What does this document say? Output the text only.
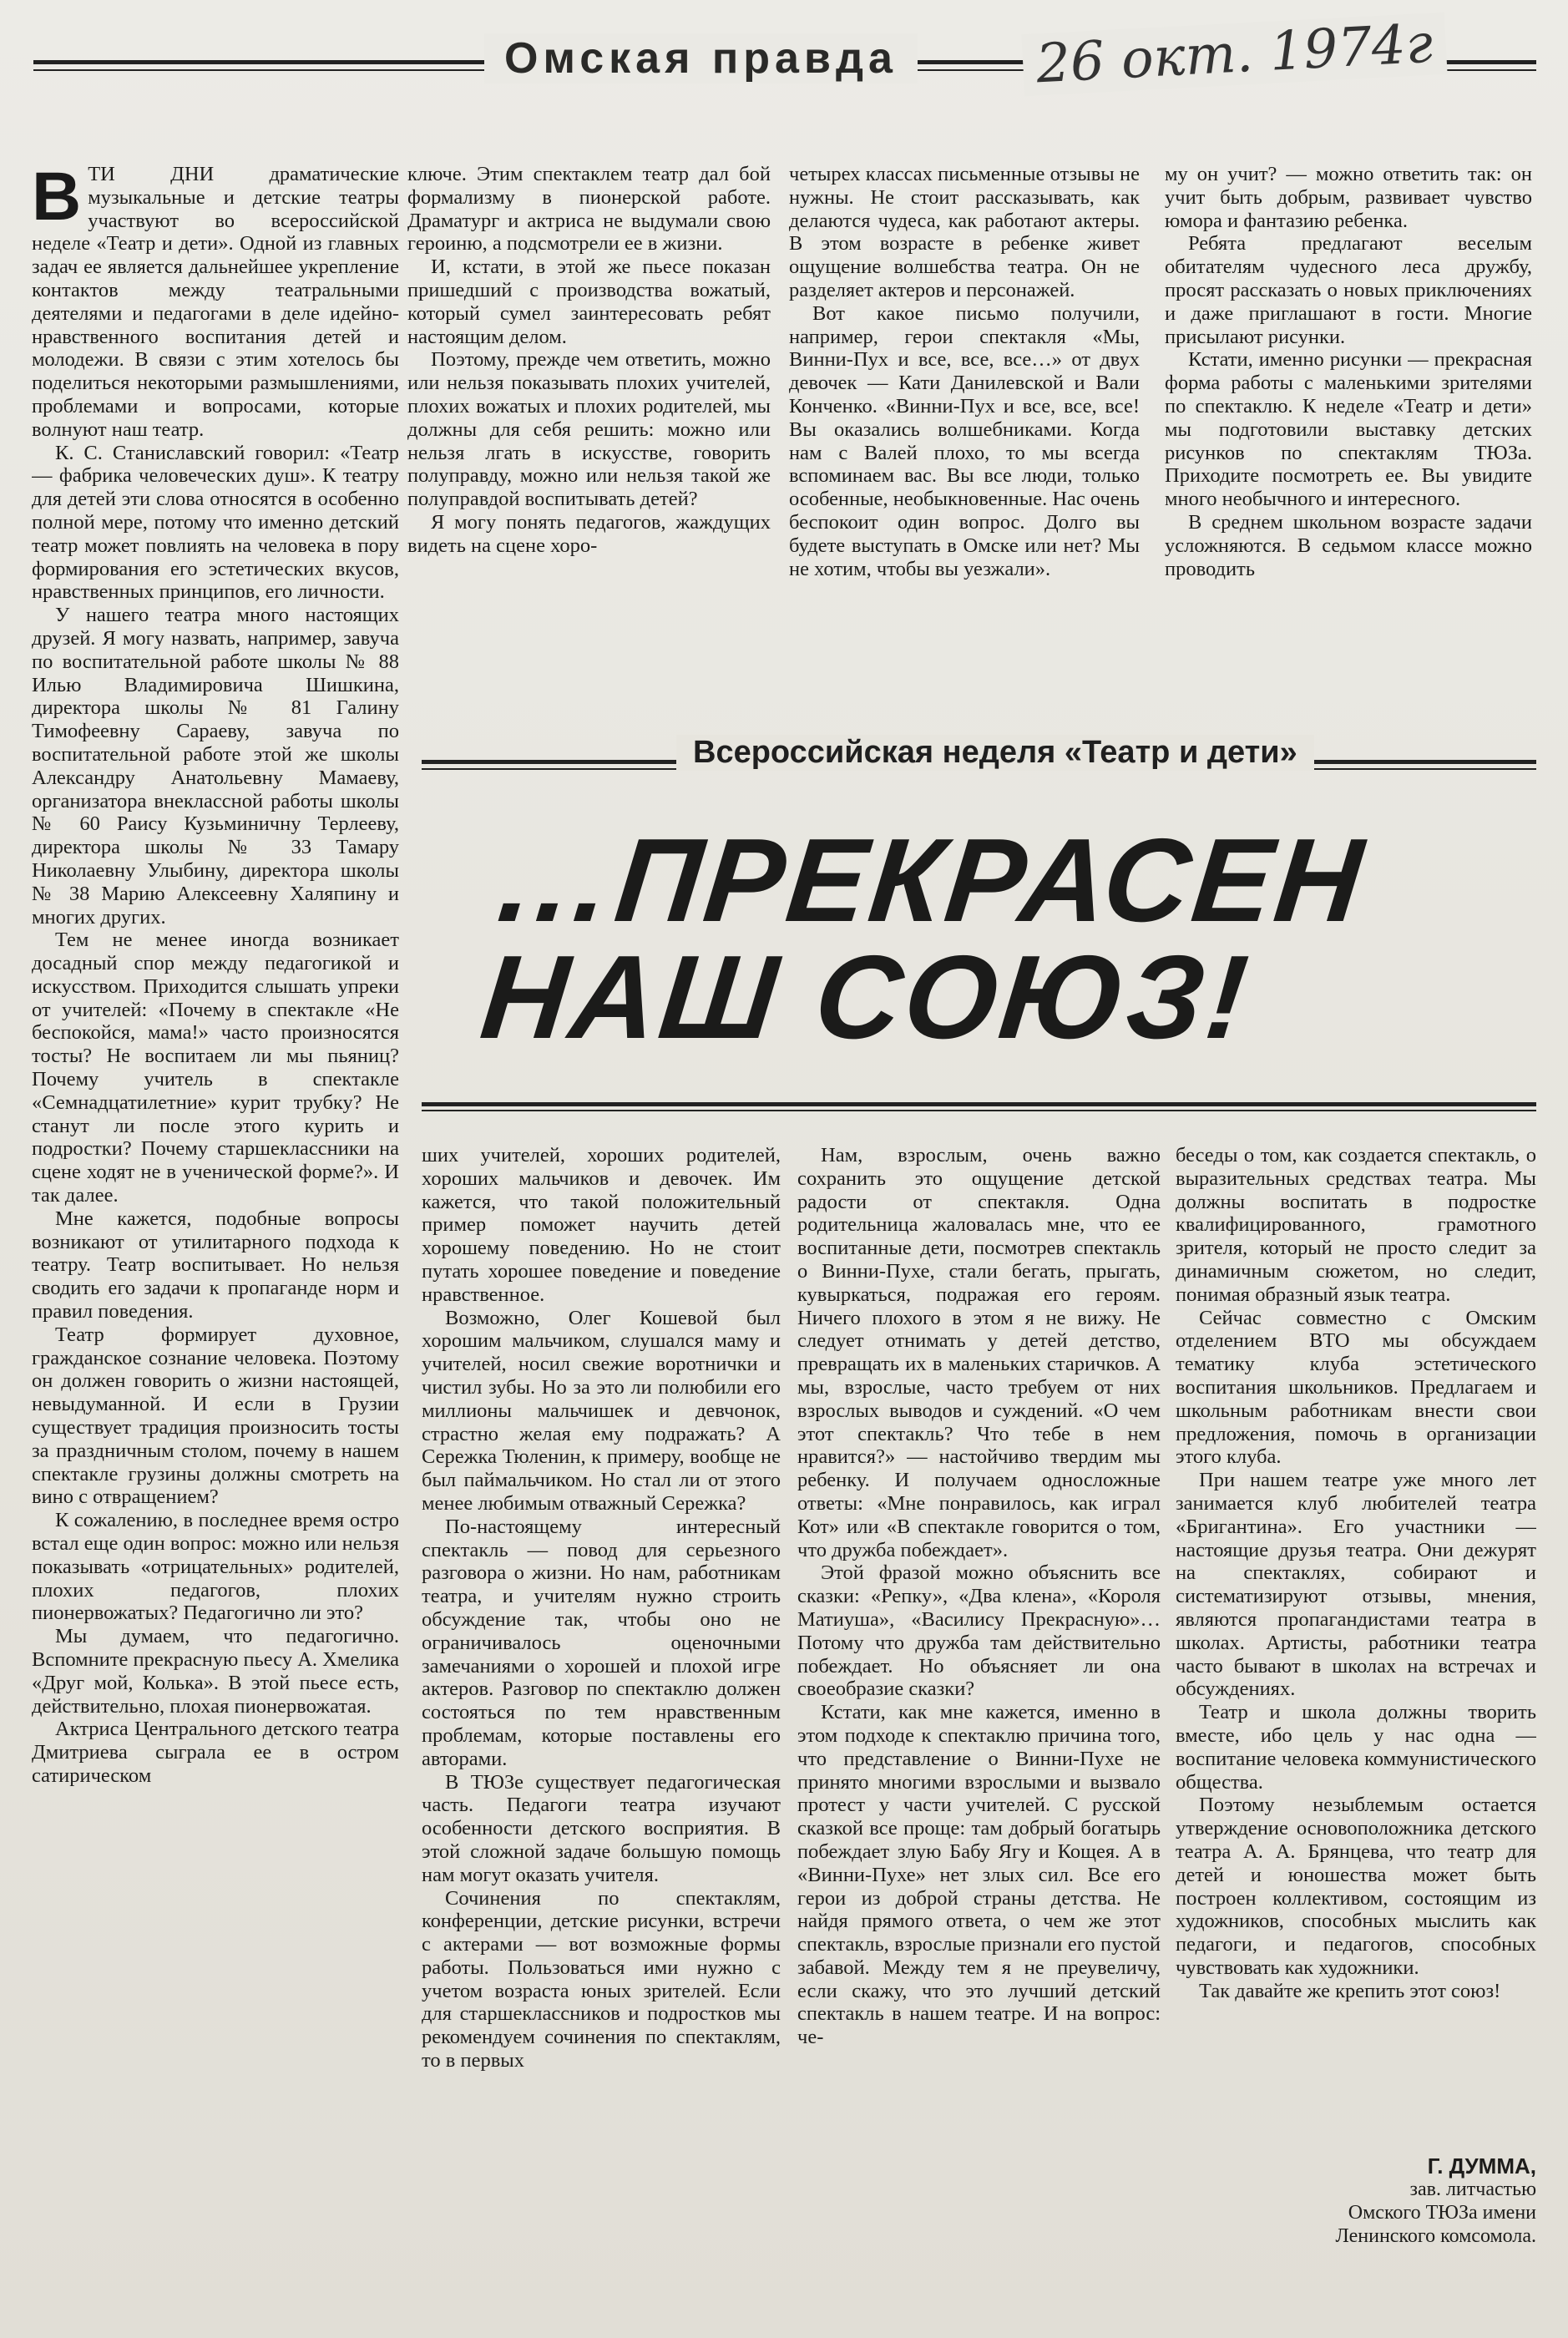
Омская правда	26 окт. 1974г

ВТИ ДНИ драматические музыкальные и детские театры участвуют во всероссийской неделе «Театр и дети». Одной из главных задач ее является дальнейшее укрепление контактов между театральными деятелями и педагогами в деле идейно-нравственного воспитания детей и молодежи. В связи с этим хотелось бы поделиться некоторыми размышлениями, проблемами и вопросами, которые волнуют наш театр.

К. С. Станиславский говорил: «Театр — фабрика человеческих душ». К театру для детей эти слова относятся в особенно полной мере, потому что именно детский театр может повлиять на человека в пору формирования его эстетических вкусов, нравственных принципов, его личности.

У нашего театра много настоящих друзей. Я могу назвать, например, завуча по воспитательной работе школы № 88 Илью Владимировича Шишкина, директора школы № 81 Галину Тимофеевну Сараеву, завуча по воспитательной работе этой же школы Александру Анатольевну Мамаеву, организатора внеклассной работы школы № 60 Раису Кузьминичну Терлееву, директора школы № 33 Тамару Николаевну Улыбину, директора школы № 38 Марию Алексеевну Халяпину и многих других.

Тем не менее иногда возникает досадный спор между педагогикой и искусством. Приходится слышать упреки от учителей: «Почему в спектакле «Не беспокойся, мама!» часто произносятся тосты? Не воспитаем ли мы пьяниц? Почему учитель в спектакле «Семнадцатилетние» курит трубку? Не станут ли после этого курить и подростки? Почему старшеклассники на сцене ходят не в ученической форме?». И так далее.

Мне кажется, подобные вопросы возникают от утилитарного подхода к театру. Театр воспитывает. Но нельзя сводить его задачи к пропаганде норм и правил поведения.

Театр формирует духовное, гражданское сознание человека. Поэтому он должен говорить о жизни настоящей, невыдуманной. И если в Грузии существует традиция произносить тосты за праздничным столом, почему в нашем спектакле грузины должны смотреть на вино с отвращением?

К сожалению, в последнее время остро встал еще один вопрос: можно или нельзя показывать «отрицательных» родителей, плохих педагогов, плохих пионервожатых? Педагогично ли это?

Мы думаем, что педагогично. Вспомните прекрасную пьесу А. Хмелика «Друг мой, Колька». В этой пьесе есть, действительно, плохая пионервожатая.

Актриса Центрального детского театра Дмитриева сыграла ее в остром сатирическом

ключе. Этим спектаклем театр дал бой формализму в пионерской работе. Драматург и актриса не выдумали свою героиню, а подсмотрели ее в жизни.

И, кстати, в этой же пьесе показан пришедший с производства вожатый, который сумел заинтересовать ребят настоящим делом.

Поэтому, прежде чем ответить, можно или нельзя показывать плохих учителей, плохих вожатых и плохих родителей, мы должны для себя решить: можно или нельзя лгать в искусстве, говорить полуправду, можно или нельзя такой же полуправдой воспитывать детей?

Я могу понять педагогов, жаждущих видеть на сцене хоро-

четырех классах письменные отзывы не нужны. Не стоит рассказывать, как делаются чудеса, как работают актеры. В этом возрасте в ребенке живет ощущение волшебства театра. Он не разделяет актеров и персонажей.

Вот какое письмо получили, например, герои спектакля «Мы, Винни-Пух и все, все, все…» от двух девочек — Кати Данилевской и Вали Конченко. «Винни-Пух и все, все, все! Вы оказались волшебниками. Когда нам с Валей плохо, то мы всегда вспоминаем вас. Вы все люди, только особенные, необыкновенные. Нас очень беспокоит один вопрос. Долго вы будете выступать в Омске или нет? Мы не хотим, чтобы вы уезжали».

му он учит? — можно ответить так: он учит быть добрым, развивает чувство юмора и фантазию ребенка.

Ребята предлагают веселым обитателям чудесного леса дружбу, просят рассказать о новых приключениях и даже приглашают в гости. Многие присылают рисунки.

Кстати, именно рисунки — прекрасная форма работы с маленькими зрителями по спектаклю. К неделе «Театр и дети» мы подготовили выставку детских рисунков по спектаклям ТЮЗа. Приходите посмотреть ее. Вы увидите много необычного и интересного.

В среднем школьном возрасте задачи усложняются. В седьмом классе можно проводить

Всероссийская неделя «Театр и дети»
…ПРЕКРАСЕН
НАШ СОЮЗ!

ших учителей, хороших родителей, хороших мальчиков и девочек. Им кажется, что такой положительный пример поможет научить детей хорошему поведению. Но не стоит путать хорошее поведение и поведение нравственное.

Возможно, Олег Кошевой был хорошим мальчиком, слушался маму и учителей, носил свежие воротнички и чистил зубы. Но за это ли полюбили его миллионы мальчишек и девчонок, страстно желая ему подражать? А Сережка Тюленин, к примеру, вообще не был паймальчиком. Но стал ли от этого менее любимым отважный Сережка?

По-настоящему интересный спектакль — повод для серьезного разговора о жизни. Но нам, работникам театра, и учителям нужно строить обсуждение так, чтобы оно не ограничивалось оценочными замечаниями о хорошей и плохой игре актеров. Разговор по спектаклю должен состояться по тем нравственным проблемам, которые поставлены его авторами.

В ТЮЗе существует педагогическая часть. Педагоги театра изучают особенности детского восприятия. В этой сложной задаче большую помощь нам могут оказать учителя.

Сочинения по спектаклям, конференции, детские рисунки, встречи с актерами — вот возможные формы работы. Пользоваться ими нужно с учетом возраста юных зрителей. Если для старшеклассников и подростков мы рекомендуем сочинения по спектаклям, то в первых

Нам, взрослым, очень важно сохранить это ощущение детской радости от спектакля. Одна родительница жаловалась мне, что ее воспитанные дети, посмотрев спектакль о Винни-Пухе, стали бегать, прыгать, кувыркаться, подражая его героям. Ничего плохого в этом я не вижу. Не следует отнимать у детей детство, превращать их в маленьких старичков. А мы, взрослые, часто требуем от них взрослых выводов и суждений. «О чем этот спектакль? Что тебе в нем нравится?» — настойчиво твердим мы ребенку. И получаем односложные ответы: «Мне понравилось, как играл Кот» или «В спектакле говорится о том, что дружба побеждает».

Этой фразой можно объяснить все сказки: «Репку», «Два клена», «Короля Матиуша», «Василису Прекрасную»… Потому что дружба там действительно побеждает. Но объясняет ли она своеобразие сказки?

Кстати, как мне кажется, именно в этом подходе к спектаклю причина того, что представление о Винни-Пухе не принято многими взрослыми и вызвало протест у части учителей. С русской сказкой все проще: там добрый богатырь побеждает злую Бабу Ягу и Кощея. А в «Винни-Пухе» нет злых сил. Все его герои из доброй страны детства. Не найдя прямого ответа, о чем же этот спектакль, взрослые признали его пустой забавой. Между тем я не преувеличу, если скажу, что это лучший детский спектакль в нашем театре. И на вопрос: че-

беседы о том, как создается спектакль, о выразительных средствах театра. Мы должны воспитать в подростке квалифицированного, грамотного зрителя, который не просто следит за динамичным сюжетом, но следит, понимая образный язык театра.

Сейчас совместно с Омским отделением ВТО мы обсуждаем тематику клуба эстетического воспитания школьников. Предлагаем и школьным работникам внести свои предложения, помочь в организации этого клуба.

При нашем театре уже много лет занимается клуб любителей театра «Бригантина». Его участники — настоящие друзья театра. Они дежурят на спектаклях, собирают и систематизируют отзывы, мнения, являются пропагандистами театра в школах. Артисты, работники театра часто бывают в школах на встречах и обсуждениях.

Театр и школа должны творить вместе, ибо цель у нас одна — воспитание человека коммунистического общества.

Поэтому незыблемым остается утверждение основоположника детского театра А. А. Брянцева, что театр для детей и юношества может быть построен коллективом, состоящим из художников, способных мыслить как педагоги, и педагогов, способных чувствовать как художники.

Так давайте же крепить этот союз!

Г. ДУММА,
зав. литчастью
Омского ТЮЗа имени
Ленинского комсомола.
